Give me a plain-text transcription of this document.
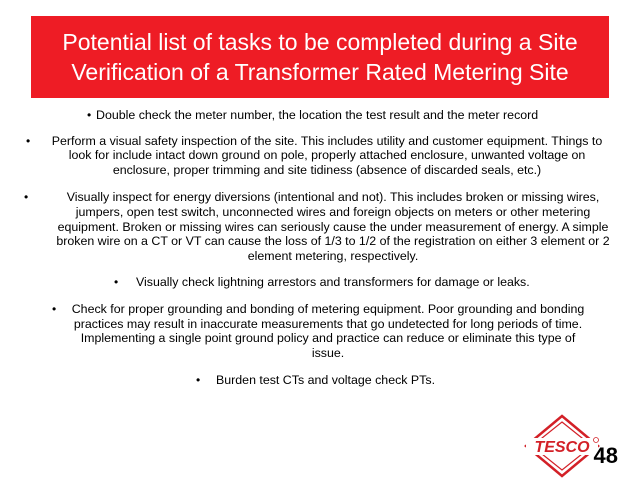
Potential list of tasks to be completed during a Site
Verification of a Transformer Rated Metering Site
• Double check the meter number, the location the test result and the meter record
•	Perform a visual safety inspection of the site. This includes utility and customer equipment. Things to look for include intact down ground on pole, properly attached enclosure, unwanted voltage on enclosure, proper trimming and site tidiness (absence of discarded seals, etc.)
•	Visually inspect for energy diversions (intentional and not). This includes broken or missing wires, jumpers, open test switch, unconnected wires and foreign objects on meters or other metering equipment. Broken or missing wires can seriously cause the under measurement of energy. A simple broken wire on a CT or VT can cause the loss of 1/3 to 1/2 of the registration on either 3 element or 2 element metering, respectively.
• Visually check lightning arrestors and transformers for damage or leaks.
•	Check for proper grounding and bonding of metering equipment. Poor grounding and bonding practices may result in inaccurate measurements that go undetected for long periods of time. Implementing a single point ground policy and practice can reduce or eliminate this type of issue.
• Burden test CTs and voltage check PTs.
TESCO 48
